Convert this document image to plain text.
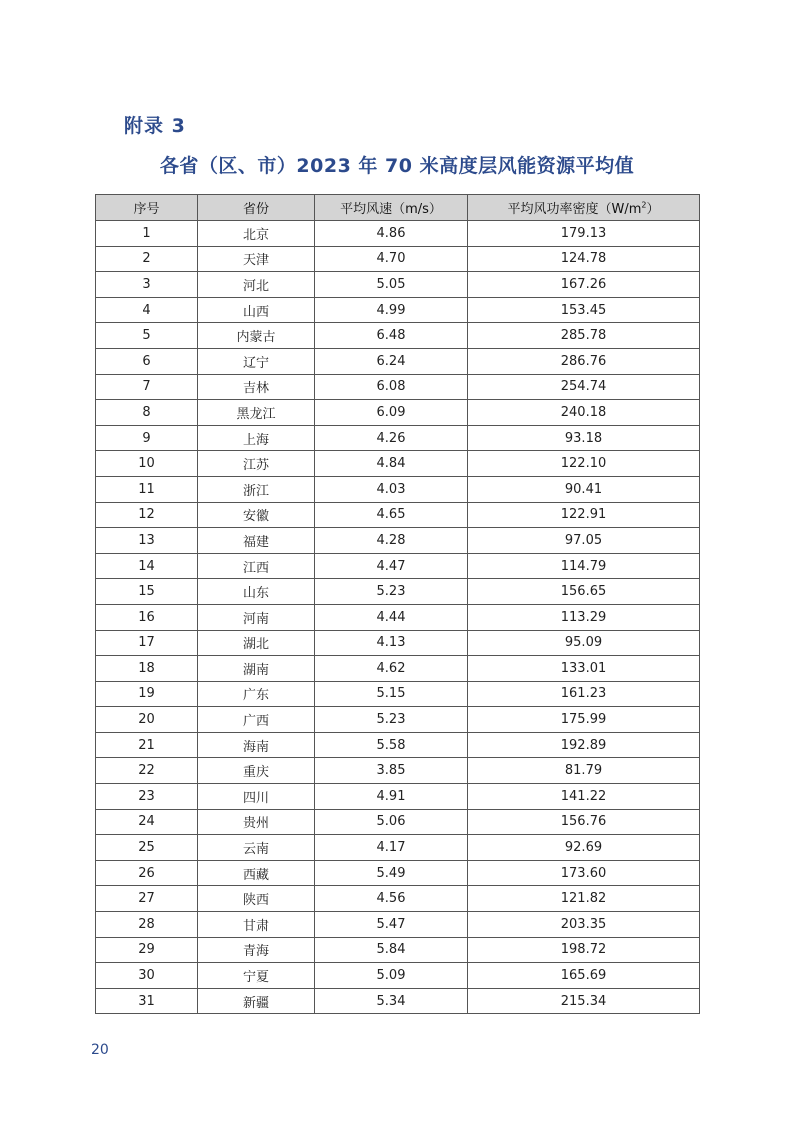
附录 3
各省（区、市）2023 年 70 米高度层风能资源平均值
序号	省份	平均风速（m/s）	平均风功率密度$(W/m^2)$
1	北京	4.86	179.13
2	天津	4.70	124.78
3	河北	5.05	167.26
4	山西	4.99	153.45
5	内蒙古	6.48	285.78
6	辽宁	6.24	286.76
7	吉林	6.08	254.74
8	黑龙江	6.09	240.18
9	上海	4.26	93.18
10	江苏	4.84	122.10
11	浙江	4.03	90.41
12	安徽	4.65	122.91
13	福建	4.28	97.05
14	江西	4.47	114.79
15	山东	5.23	156.65
16	河南	4.44	113.29
17	湖北	4.13	95.09
18	湖南	4.62	133.01
19	广东	5.15	161.23
20	广西	5.23	175.99
21	海南	5.58	192.89
22	重庆	3.85	81.79
23	四川	4.91	141.22
24	贵州	5.06	156.76
25	云南	4.17	92.69
26	西藏	5.49	173.60
27	陕西	4.56	121.82
28	甘肃	5.47	203.35
29	青海	5.84	198.72
30	宁夏	5.09	165.69
31	新疆	5.34	215.34
20
